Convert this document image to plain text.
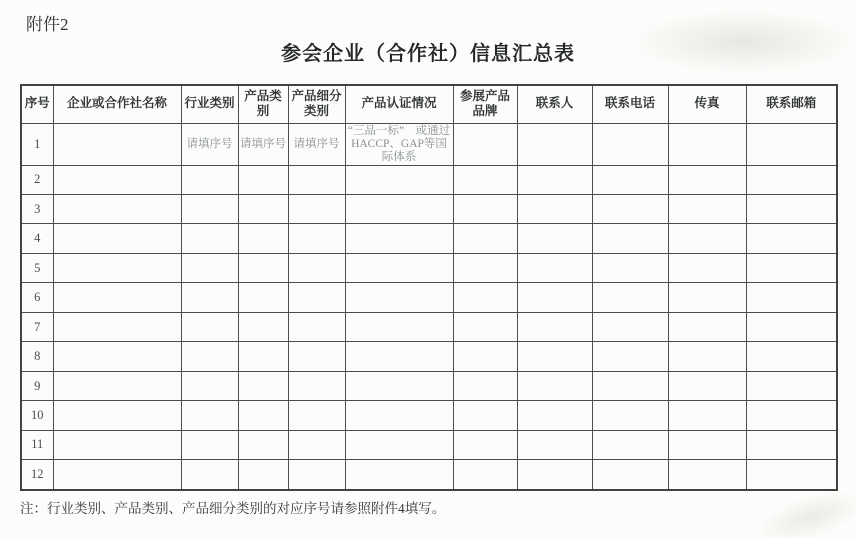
附件2
参会企业（合作社）信息汇总表
序号	企业或合作社名称	行业类别	产品类别	产品细分类别	产品认证情况	参展产品品牌	联系人	联系电话	传真	联系邮箱
1		请填序号	请填序号	请填序号	“三品一标”　或通过HACCP、GAP等国际体系					
2										
3										
4										
5										
6										
7										
8										
9										
10										
11										
12										
注：行业类别、产品类别、产品细分类别的对应序号请参照附件4填写。
